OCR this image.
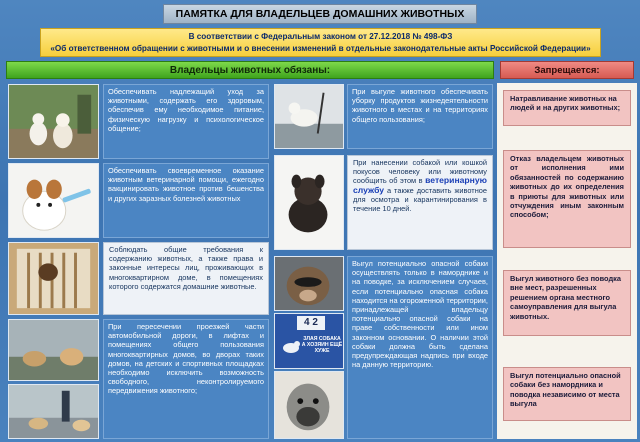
ПАМЯТКА ДЛЯ ВЛАДЕЛЬЦЕВ ДОМАШНИХ ЖИВОТНЫХ
В соответствии с Федеральным законом от 27.12.2018 № 498-ФЗ
«Об ответственном обращении с животными и о внесении изменений в отдельные законодательные акты Российской Федерации»
Владельцы животных обязаны:	Запрещается:
Обеспечивать надлежащий уход за животными, содержать его здоровым, обеспечив ему необходимое питание, физическую нагрузку и психологическое общение;
Обеспечивать своевременное оказание животным ветеринарной помощи, ежегодно вакцинировать животное против бешенства и других заразных болезней животных
Соблюдать общие требования к содержанию животных, а также права и законные интересы лиц, проживающих в многоквартирном доме, в помещениях которого содержатся домашние животные.
При пересечении проезжей части автомобильной дороги, в лифтах и помещениях общего пользования многоквартирных домов, во дворах таких домов, на детских и спортивных площадках необходимо исключить возможность свободного, неконтролируемого передвижения животного;
4 2
ЗЛАЯ СОБАКА А ХОЗЯИН ЕЩЁ ХУЖЕ
При выгуле животного обеспечивать уборку продуктов жизнедеятельности животного в местах и на территориях общего пользования;
При нанесении собакой или кошкой покусов человеку или животному сообщить об этом в ветеринарную службу а также доставить животное для осмотра и карантинирования в течение 10 дней.
Выгул потенциально опасной собаки осуществлять только в наморднике и на поводке, за исключением случаев, если потенциально опасная собака находится на огороженной территории, принадлежащей владельцу потенциально опасной собаки на праве собственности или ином законном основании. О наличии этой собаки должна быть сделана предупреждающая надпись при входе на данную территорию.
Натравливание животных на людей и на других животных;
Отказ владельцем животных от исполнения ими обязанностей по содержанию животных до их определения в приюты для животных или отчуждения иным законным способом;
Выгул животного без поводка вне мест, разрешенных решением органа местного самоуправления для выгула животных.
Выгул потенциально опасной собаки без намордника и поводка независимо от места выгула
